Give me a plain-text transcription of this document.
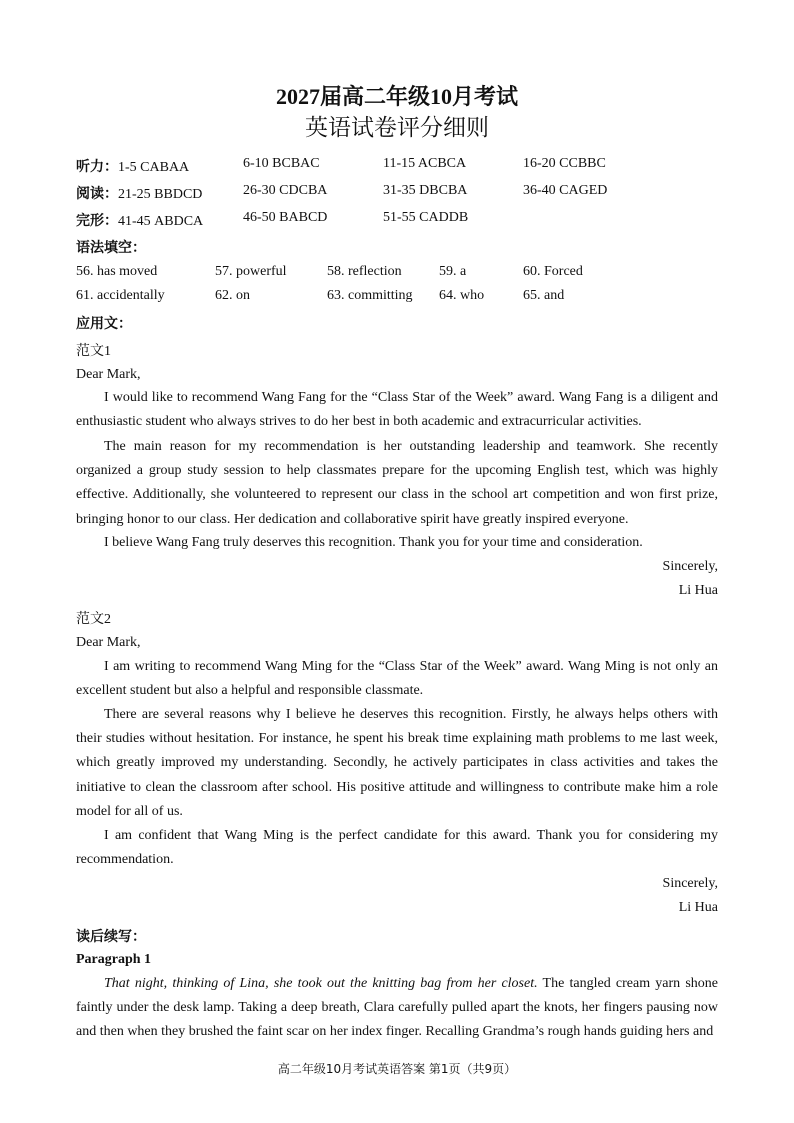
2027届高二年级10月考试
英语试卷评分细则
听力：1-5 CABAA	6-10 BCBAC	11-15 ACBCA	16-20 CCBBC
阅读：21-25 BBDCD	26-30 CDCBA	31-35 DBCBA	36-40 CAGED
完形：41-45 ABDCA	46-50 BABCD	51-55 CADDB
语法填空：
56. has moved	57. powerful	58. reflection	59. a	60. Forced
61. accidentally	62. on	63. committing 64. who	65. and
应用文：
范文1
Dear Mark,

I would like to recommend Wang Fang for the “Class Star of the Week” award. Wang Fang is a diligent and enthusiastic student who always strives to do her best in both academic and extracurricular activities.

The main reason for my recommendation is her outstanding leadership and teamwork. She recently organized a group study session to help classmates prepare for the upcoming English test, which was highly effective. Additionally, she volunteered to represent our class in the school art competition and won first prize, bringing honor to our class. Her dedication and collaborative spirit have greatly inspired everyone.

I believe Wang Fang truly deserves this recognition. Thank you for your time and consideration.

Sincerely,
Li Hua
范文2
Dear Mark,

I am writing to recommend Wang Ming for the “Class Star of the Week” award. Wang Ming is not only an excellent student but also a helpful and responsible classmate.

There are several reasons why I believe he deserves this recognition. Firstly, he always helps others with their studies without hesitation. For instance, he spent his break time explaining math problems to me last week, which greatly improved my understanding. Secondly, he actively participates in class activities and takes the initiative to clean the classroom after school. His positive attitude and willingness to contribute make him a role model for all of us.

I am confident that Wang Ming is the perfect candidate for this award. Thank you for considering my recommendation.

Sincerely,
Li Hua
读后续写：
Paragraph 1

That night, thinking of Lina, she took out the knitting bag from her closet. The tangled cream yarn shone faintly under the desk lamp. Taking a deep breath, Clara carefully pulled apart the knots, her fingers pausing now and then when they brushed the faint scar on her index finger. Recalling Grandma’s rough hands guiding hers and

高二年级10月考试英语答案 第1页（共9页）
